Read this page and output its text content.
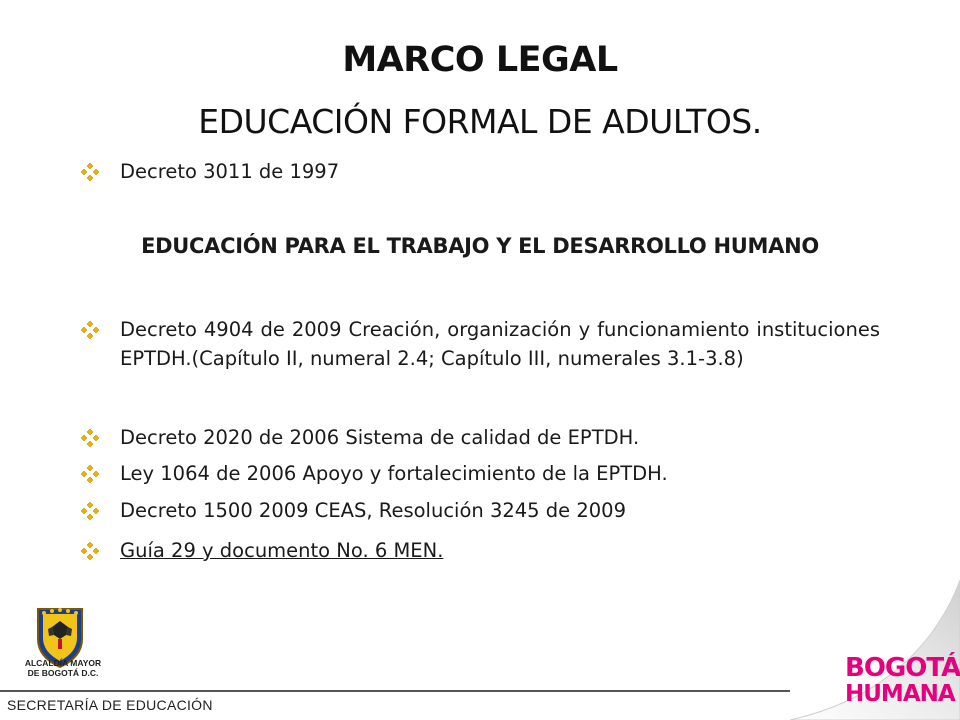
MARCO LEGAL
EDUCACIÓN FORMAL DE ADULTOS.
Decreto 3011 de 1997
EDUCACIÓN PARA EL TRABAJO Y EL DESARROLLO HUMANO
Decreto 4904 de 2009 Creación, organización y funcionamiento instituciones EPTDH.(Capítulo II, numeral 2.4; Capítulo III, numerales 3.1-3.8)
Decreto 2020 de 2006 Sistema de calidad de EPTDH.
Ley 1064 de 2006 Apoyo y fortalecimiento de la EPTDH.
Decreto 1500 2009 CEAS, Resolución 3245 de 2009
Guía 29 y documento No. 6 MEN.
ALCALDÍA MAYOR
DE BOGOTÁ D.C.
SECRETARÍA DE EDUCACIÓN
BOGOTÁ
HUMANA
